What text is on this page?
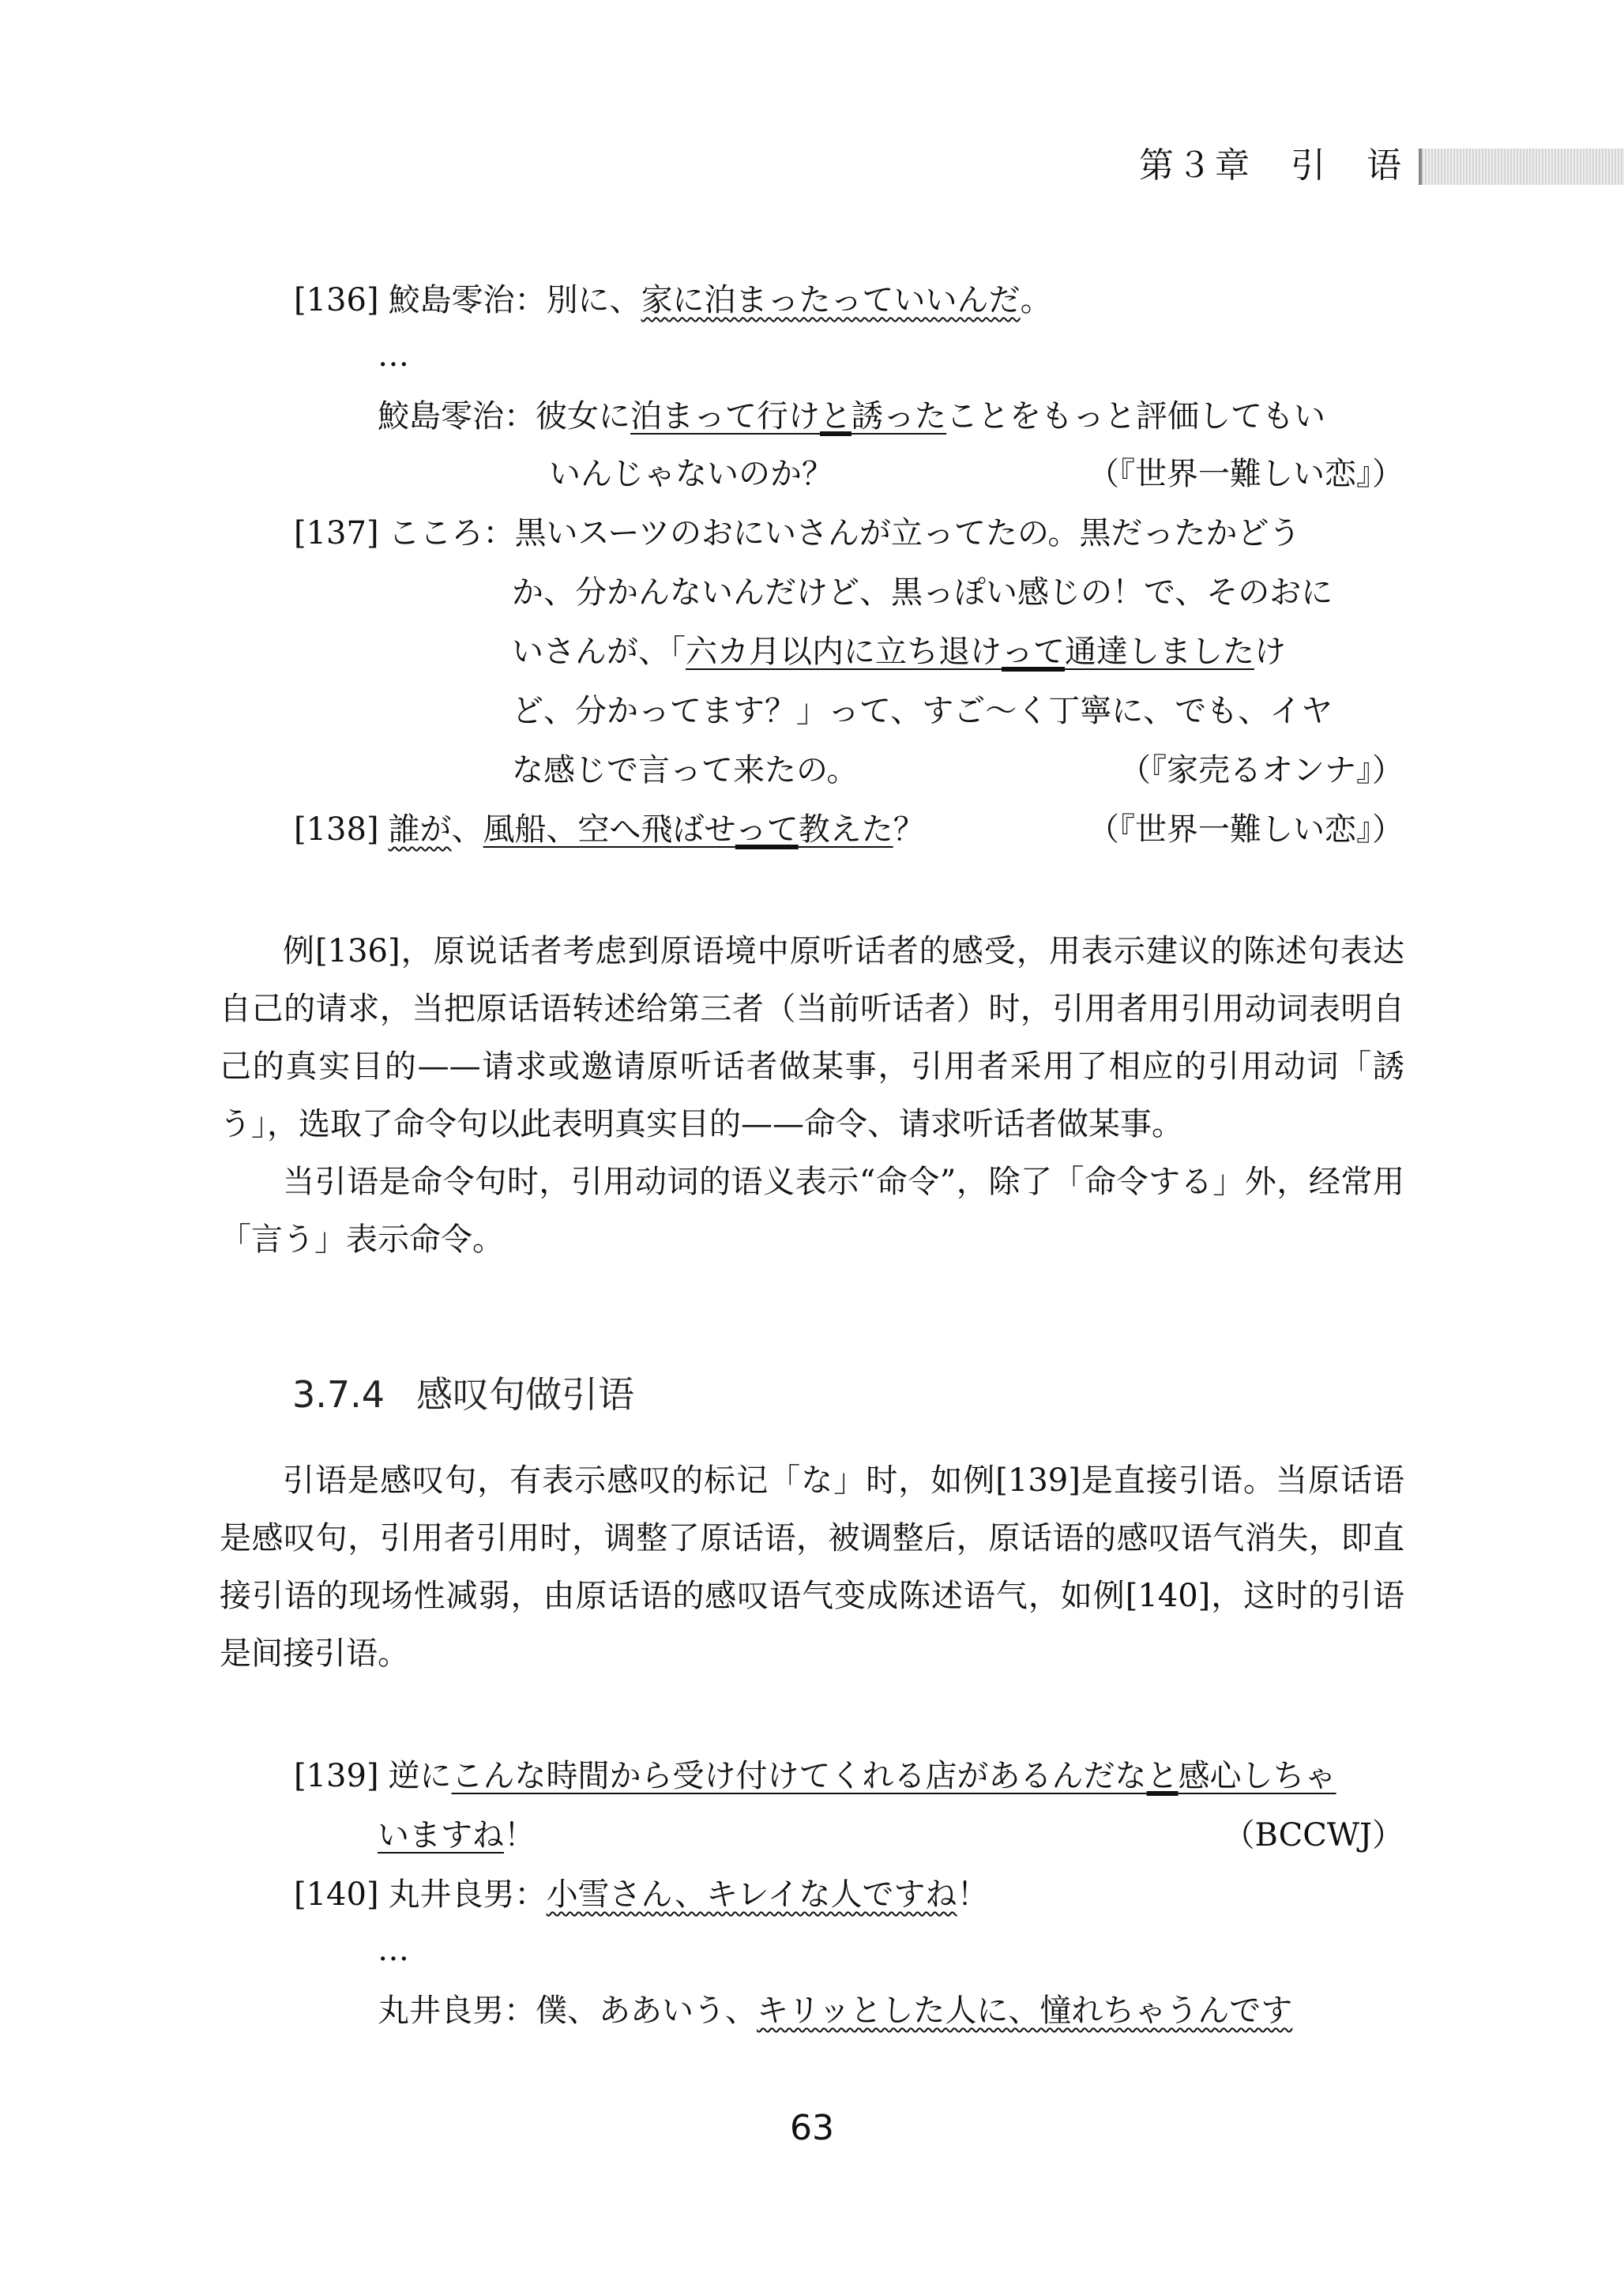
第３章　引　语
[136] 鮫島零治：別に、家に泊まったっていいんだ。
…
鮫島零治：彼女に泊まって行けと誘ったことをもっと評価してもい
いんじゃないのか？	（『世界一難しい恋』）
[137] こころ：黒いスーツのおにいさんが立ってたの。黒だったかどう
か、分かんないんだけど、黒っぽい感じの！で、そのおに
いさんが、「六カ月以内に立ち退けって通達しましたけ
ど、分かってます？」って、すご～く丁寧に、でも、イヤ
な感じで言って来たの。	（『家売るオンナ』）
[138] 誰が、風船、空へ飛ばせって教えた？	（『世界一難しい恋』）

例[136]，原说话者考虑到原语境中原听话者的感受，用表示建议的陈述句表达自己的请求，当把原话语转述给第三者（当前听话者）时，引用者用引用动词表明自己的真实目的——请求或邀请原听话者做某事，引用者采用了相应的引用动词「誘う」，选取了命令句以此表明真实目的——命令、请求听话者做某事。

当引语是命令句时，引用动词的语义表示“命令”，除了「命令する」外，经常用「言う」表示命令。

3.7.4 感叹句做引语

引语是感叹句，有表示感叹的标记「な」时，如例[139]是直接引语。当原话语是感叹句，引用者引用时，调整了原话语，被调整后，原话语的感叹语气消失，即直接引语的现场性减弱，由原话语的感叹语气变成陈述语气，如例[140]，这时的引语是间接引语。

[139] 逆にこんな時間から受け付けてくれる店があるんだなと感心しちゃ
いますね！	（BCCWJ）
[140] 丸井良男：小雪さん、キレイな人ですね！
…
丸井良男：僕、ああいう、キリッとした人に、憧れちゃうんです
63
